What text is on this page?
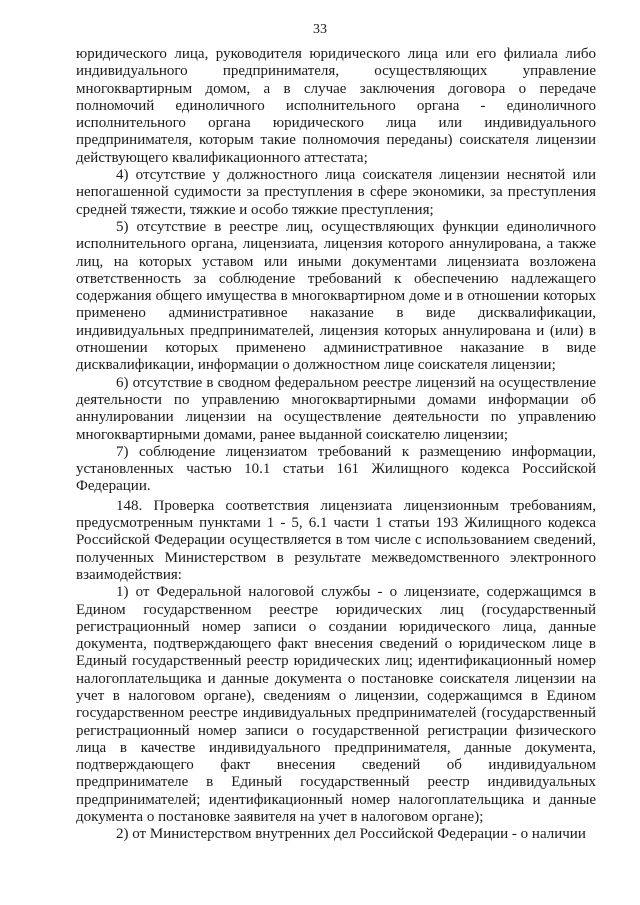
33

юридического лица, руководителя юридического лица или его филиала либо индивидуального предпринимателя, осуществляющих управление многоквартирным домом, а в случае заключения договора о передаче полномочий единоличного исполнительного органа - единоличного исполнительного органа юридического лица или индивидуального предпринимателя, которым такие полномочия переданы) соискателя лицензии действующего квалификационного аттестата;

4) отсутствие у должностного лица соискателя лицензии неснятой или непогашенной судимости за преступления в сфере экономики, за преступления средней тяжести, тяжкие и особо тяжкие преступления;

5) отсутствие в реестре лиц, осуществляющих функции единоличного исполнительного органа, лицензиата, лицензия которого аннулирована, а также лиц, на которых уставом или иными документами лицензиата возложена ответственность за соблюдение требований к обеспечению надлежащего содержания общего имущества в многоквартирном доме и в отношении которых применено административное наказание в виде дисквалификации, индивидуальных предпринимателей, лицензия которых аннулирована и (или) в отношении которых применено административное наказание в виде дисквалификации, информации о должностном лице соискателя лицензии;

6) отсутствие в сводном федеральном реестре лицензий на осуществление деятельности по управлению многоквартирными домами информации об аннулировании лицензии на осуществление деятельности по управлению многоквартирными домами, ранее выданной соискателю лицензии;

7) соблюдение лицензиатом требований к размещению информации, установленных частью 10.1 статьи 161 Жилищного кодекса Российской Федерации.

148. Проверка соответствия лицензиата лицензионным требованиям, предусмотренным пунктами 1 - 5, 6.1 части 1 статьи 193 Жилищного кодекса Российской Федерации осуществляется в том числе с использованием сведений, полученных Министерством в результате межведомственного электронного взаимодействия:

1) от Федеральной налоговой службы - о лицензиате, содержащимся в Едином государственном реестре юридических лиц (государственный регистрационный номер записи о создании юридического лица, данные документа, подтверждающего факт внесения сведений о юридическом лице в Единый государственный реестр юридических лиц; идентификационный номер налогоплательщика и данные документа о постановке соискателя лицензии на учет в налоговом органе), сведениям о лицензии, содержащимся в Едином государственном реестре индивидуальных предпринимателей (государственный регистрационный номер записи о государственной регистрации физического лица в качестве индивидуального предпринимателя, данные документа, подтверждающего факт внесения сведений об индивидуальном предпринимателе в Единый государственный реестр индивидуальных предпринимателей; идентификационный номер налогоплательщика и данные документа о постановке заявителя на учет в налоговом органе);

2) от Министерством внутренних дел Российской Федерации - о наличии
